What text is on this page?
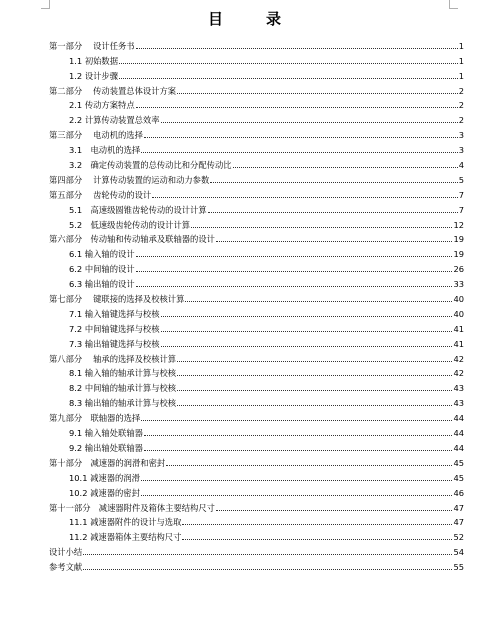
目　录
第一部分　 设计任务书	1
1.1 初始数据	1
1.2 设计步骤	1
第二部分　 传动装置总体设计方案	2
2.1 传动方案特点	2
2.2 计算传动装置总效率	2
第三部分　 电动机的选择	3
3.1　电动机的选择	3
3.2　确定传动装置的总传动比和分配传动比	4
第四部分　 计算传动装置的运动和动力参数	5
第五部分　 齿轮传动的设计	7
5.1　高速级圆锥齿轮传动的设计计算	7
5.2　低速级齿轮传动的设计计算	12
第六部分　传动轴和传动轴承及联轴器的设计	19
6.1 输入轴的设计	19
6.2 中间轴的设计	26
6.3 输出轴的设计	33
第七部分　 键联接的选择及校核计算	40
7.1 输入轴键选择与校核	40
7.2 中间轴键选择与校核	41
7.3 输出轴键选择与校核	41
第八部分　 轴承的选择及校核计算	42
8.1 输入轴的轴承计算与校核	42
8.2 中间轴的轴承计算与校核	43
8.3 输出轴的轴承计算与校核	43
第九部分　联轴器的选择	44
9.1 输入轴处联轴器	44
9.2 输出轴处联轴器	44
第十部分　减速器的润滑和密封	45
10.1 减速器的润滑	45
10.2 减速器的密封	46
第十一部分　减速器附件及箱体主要结构尺寸	47
11.1 减速器附件的设计与选取	47
11.2 减速器箱体主要结构尺寸	52
设计小结	54
参考文献	55
